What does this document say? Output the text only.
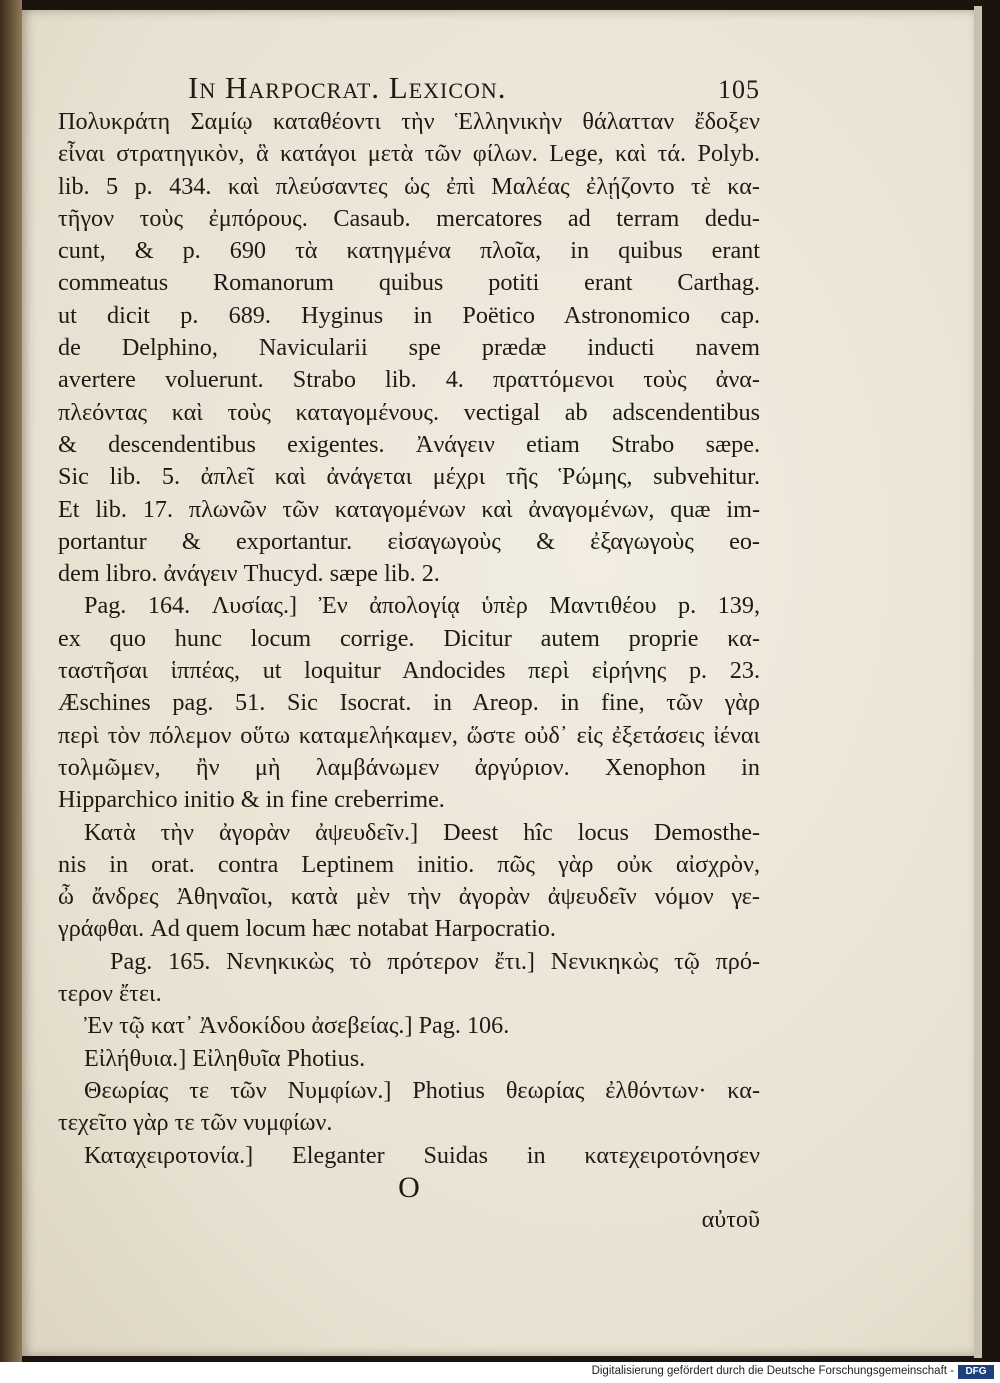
In Harpocrat. Lexicon.	105
Πολυκράτη Σαμίῳ καταθέοντι τὴν Ἑλληνικὴν θάλατταν ἔδοξεν
εἶναι στρατηγικὸν, ἃ κατάγοι μετὰ τῶν φίλων. Lege, καὶ τά. Polyb.
lib. 5 p. 434. καὶ πλεύσαντες ὡς ἐπὶ Μαλέας ἐλῄζοντο τὲ κα-
τῆγον τοὺς ἐμπόρους. Casaub. mercatores ad terram dedu-
cunt, & p. 690 τὰ κατηγμένα πλοῖα, in quibus erant
commeatus Romanorum quibus potiti erant Carthag.
ut dicit p. 689. Hyginus in Poëtico Astronomico cap.
de Delphino, Navicularii spe prædæ inducti navem
avertere voluerunt. Strabo lib. 4. πραττόμενοι τοὺς ἀνα-
πλεόντας καὶ τοὺς καταγομένους. vectigal ab adscendentibus
& descendentibus exigentes. Ἀνάγειν etiam Strabo sæpe.
Sic lib. 5. ἀπλεῖ καὶ ἀνάγεται μέχρι τῆς Ῥώμης, subvehitur.
Et lib. 17. πλωνῶν τῶν καταγομένων καὶ ἀναγομένων, quæ im-
portantur & exportantur. εἰσαγωγοὺς & ἐξαγωγοὺς eo-
dem libro. ἀνάγειν Thucyd. sæpe lib. 2.
Pag. 164. Λυσίας.] Ἐν ἀπολογίᾳ ὑπὲρ Μαντιθέου p. 139,
ex quo hunc locum corrige. Dicitur autem proprie κα-
ταστῆσαι ἱππέας, ut loquitur Andocides περὶ εἰρήνης p. 23.
Æschines pag. 51. Sic Isocrat. in Areop. in fine, τῶν γὰρ
περὶ τὸν πόλεμον οὕτω καταμελήκαμεν, ὥστε οὐδ᾽ εἰς ἐξετάσεις ἰέναι
τολμῶμεν, ἢν μὴ λαμβάνωμεν ἀργύριον. Xenophon in
Hipparchico initio & in fine creberrime.
Κατὰ τὴν ἀγορὰν ἀψευδεῖν.] Deest hîc locus Demosthe-
nis in orat. contra Leptinem initio. πῶς γὰρ οὐκ αἰσχρὸν,
ὦ ἄνδρες Ἀθηναῖοι, κατὰ μὲν τὴν ἀγορὰν ἀψευδεῖν νόμον γε-
γράφθαι. Ad quem locum hæc notabat Harpocratio.
Pag. 165. Νενηκικὼς τὸ πρότερον ἔτι.] Νενικηκὼς τῷ πρό-
τερον ἔτει.
Ἐν τῷ κατ᾽ Ἀνδοκίδου ἀσεβείας.] Pag. 106.
Εἰλήθυια.] Εἰληθυῖα Photius.
Θεωρίας τε τῶν Νυμφίων.] Photius θεωρίας ἐλθόντων· κα-
τεχεῖτο γὰρ τε τῶν νυμφίων.
Καταχειροτονία.] Eleganter Suidas in κατεχειροτόνησεν
O
αὐτοῦ
Digitalisierung gefördert durch die Deutsche Forschungsgemeinschaft -	DFG
